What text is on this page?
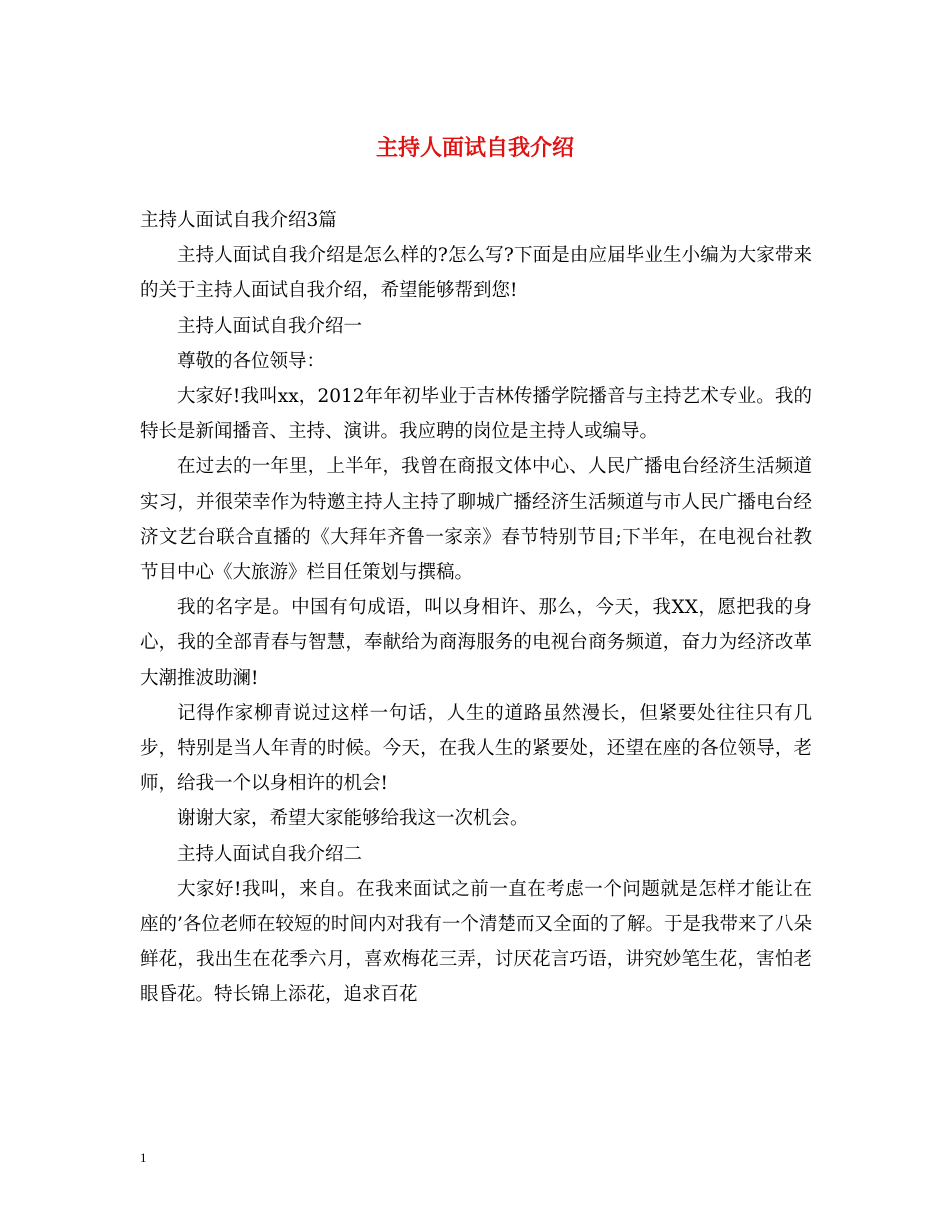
主持人面试自我介绍

主持人面试自我介绍3篇

主持人面试自我介绍是怎么样的?怎么写?下面是由应届毕业生小编为大家带来的关于主持人面试自我介绍，希望能够帮到您!

主持人面试自我介绍一

尊敬的各位领导：

大家好!我叫xx，2012年年初毕业于吉林传播学院播音与主持艺术专业。我的特长是新闻播音、主持、演讲。我应聘的岗位是主持人或编导。

在过去的一年里，上半年，我曾在商报文体中心、人民广播电台经济生活频道实习，并很荣幸作为特邀主持人主持了聊城广播经济生活频道与市人民广播电台经济文艺台联合直播的《大拜年齐鲁一家亲》春节特别节目;下半年，在电视台社教节目中心《大旅游》栏目任策划与撰稿。

我的名字是。中国有句成语，叫以身相许、那么，今天，我XX，愿把我的身心，我的全部青春与智慧，奉献给为商海服务的电视台商务频道，奋力为经济改革大潮推波助澜!

记得作家柳青说过这样一句话，人生的道路虽然漫长，但紧要处往往只有几步，特别是当人年青的时候。今天，在我人生的紧要处，还望在座的各位领导，老师，给我一个以身相许的机会!

谢谢大家，希望大家能够给我这一次机会。

主持人面试自我介绍二

大家好!我叫，来自。在我来面试之前一直在考虑一个问题就是怎样才能让在座的’各位老师在较短的时间内对我有一个清楚而又全面的了解。于是我带来了八朵鲜花，我出生在花季六月，喜欢梅花三弄，讨厌花言巧语，讲究妙笔生花，害怕老眼昏花。特长锦上添花，追求百花

1
